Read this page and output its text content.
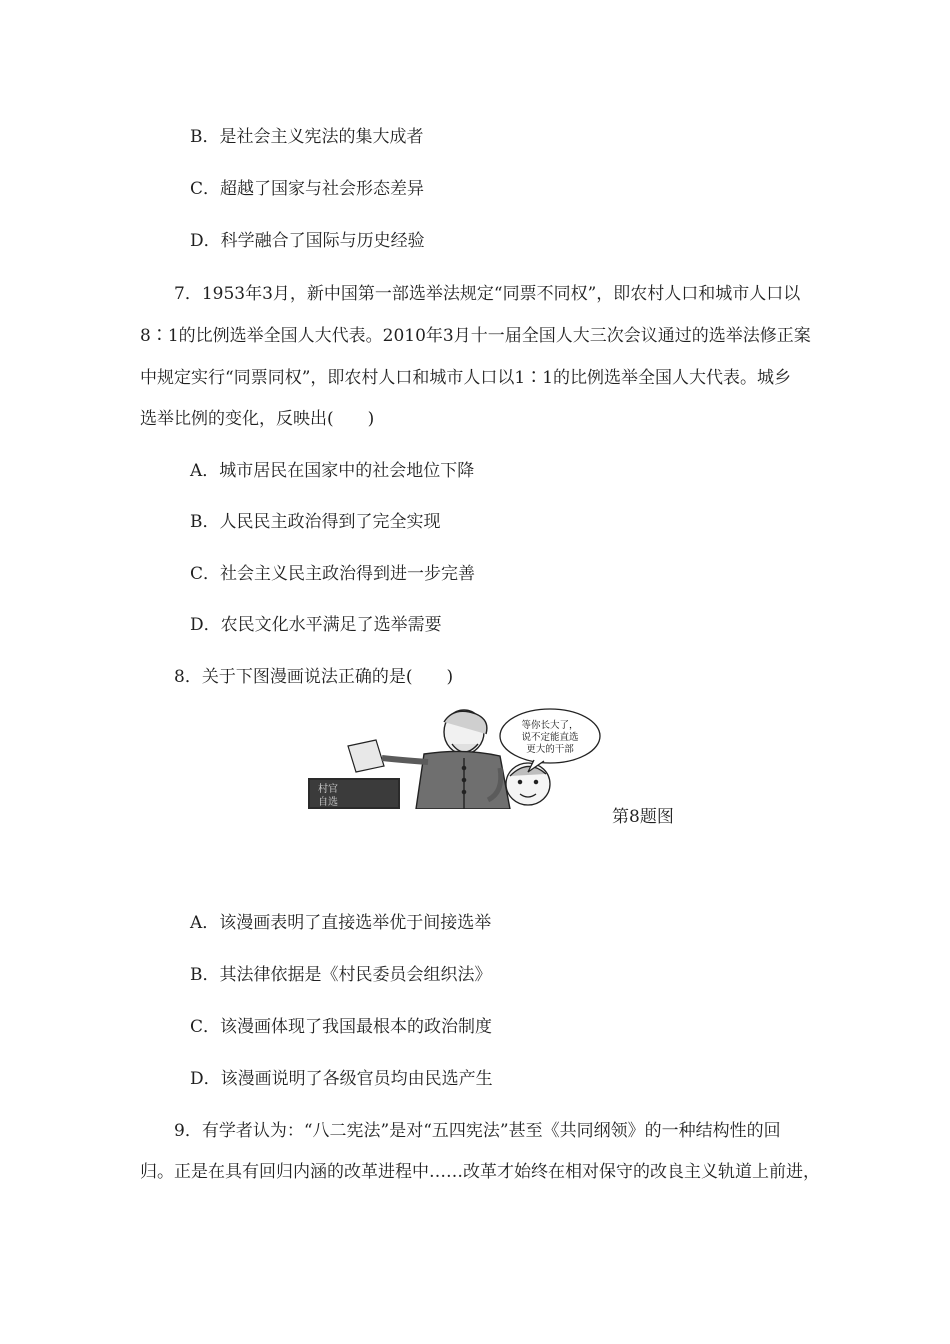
B．是社会主义宪法的集大成者
C．超越了国家与社会形态差异
D．科学融合了国际与历史经验
7．1953年3月，新中国第一部选举法规定“同票不同权”，即农村人口和城市人口以
8∶1的比例选举全国人大代表。2010年3月十一届全国人大三次会议通过的选举法修正案
中规定实行“同票同权”，即农村人口和城市人口以1∶1的比例选举全国人大代表。城乡
选举比例的变化，反映出(　　)
A．城市居民在国家中的社会地位下降
B．人民民主政治得到了完全实现
C．社会主义民主政治得到进一步完善
D．农民文化水平满足了选举需要
8．关于下图漫画说法正确的是(　　)
村官
自选
等你长大了，
说不定能直选
更大的干部
第8题图
A．该漫画表明了直接选举优于间接选举
B．其法律依据是《村民委员会组织法》
C．该漫画体现了我国最根本的政治制度
D．该漫画说明了各级官员均由民选产生
9．有学者认为：“八二宪法”是对“五四宪法”甚至《共同纲领》的一种结构性的回
归。正是在具有回归内涵的改革进程中……改革才始终在相对保守的改良主义轨道上前进，
